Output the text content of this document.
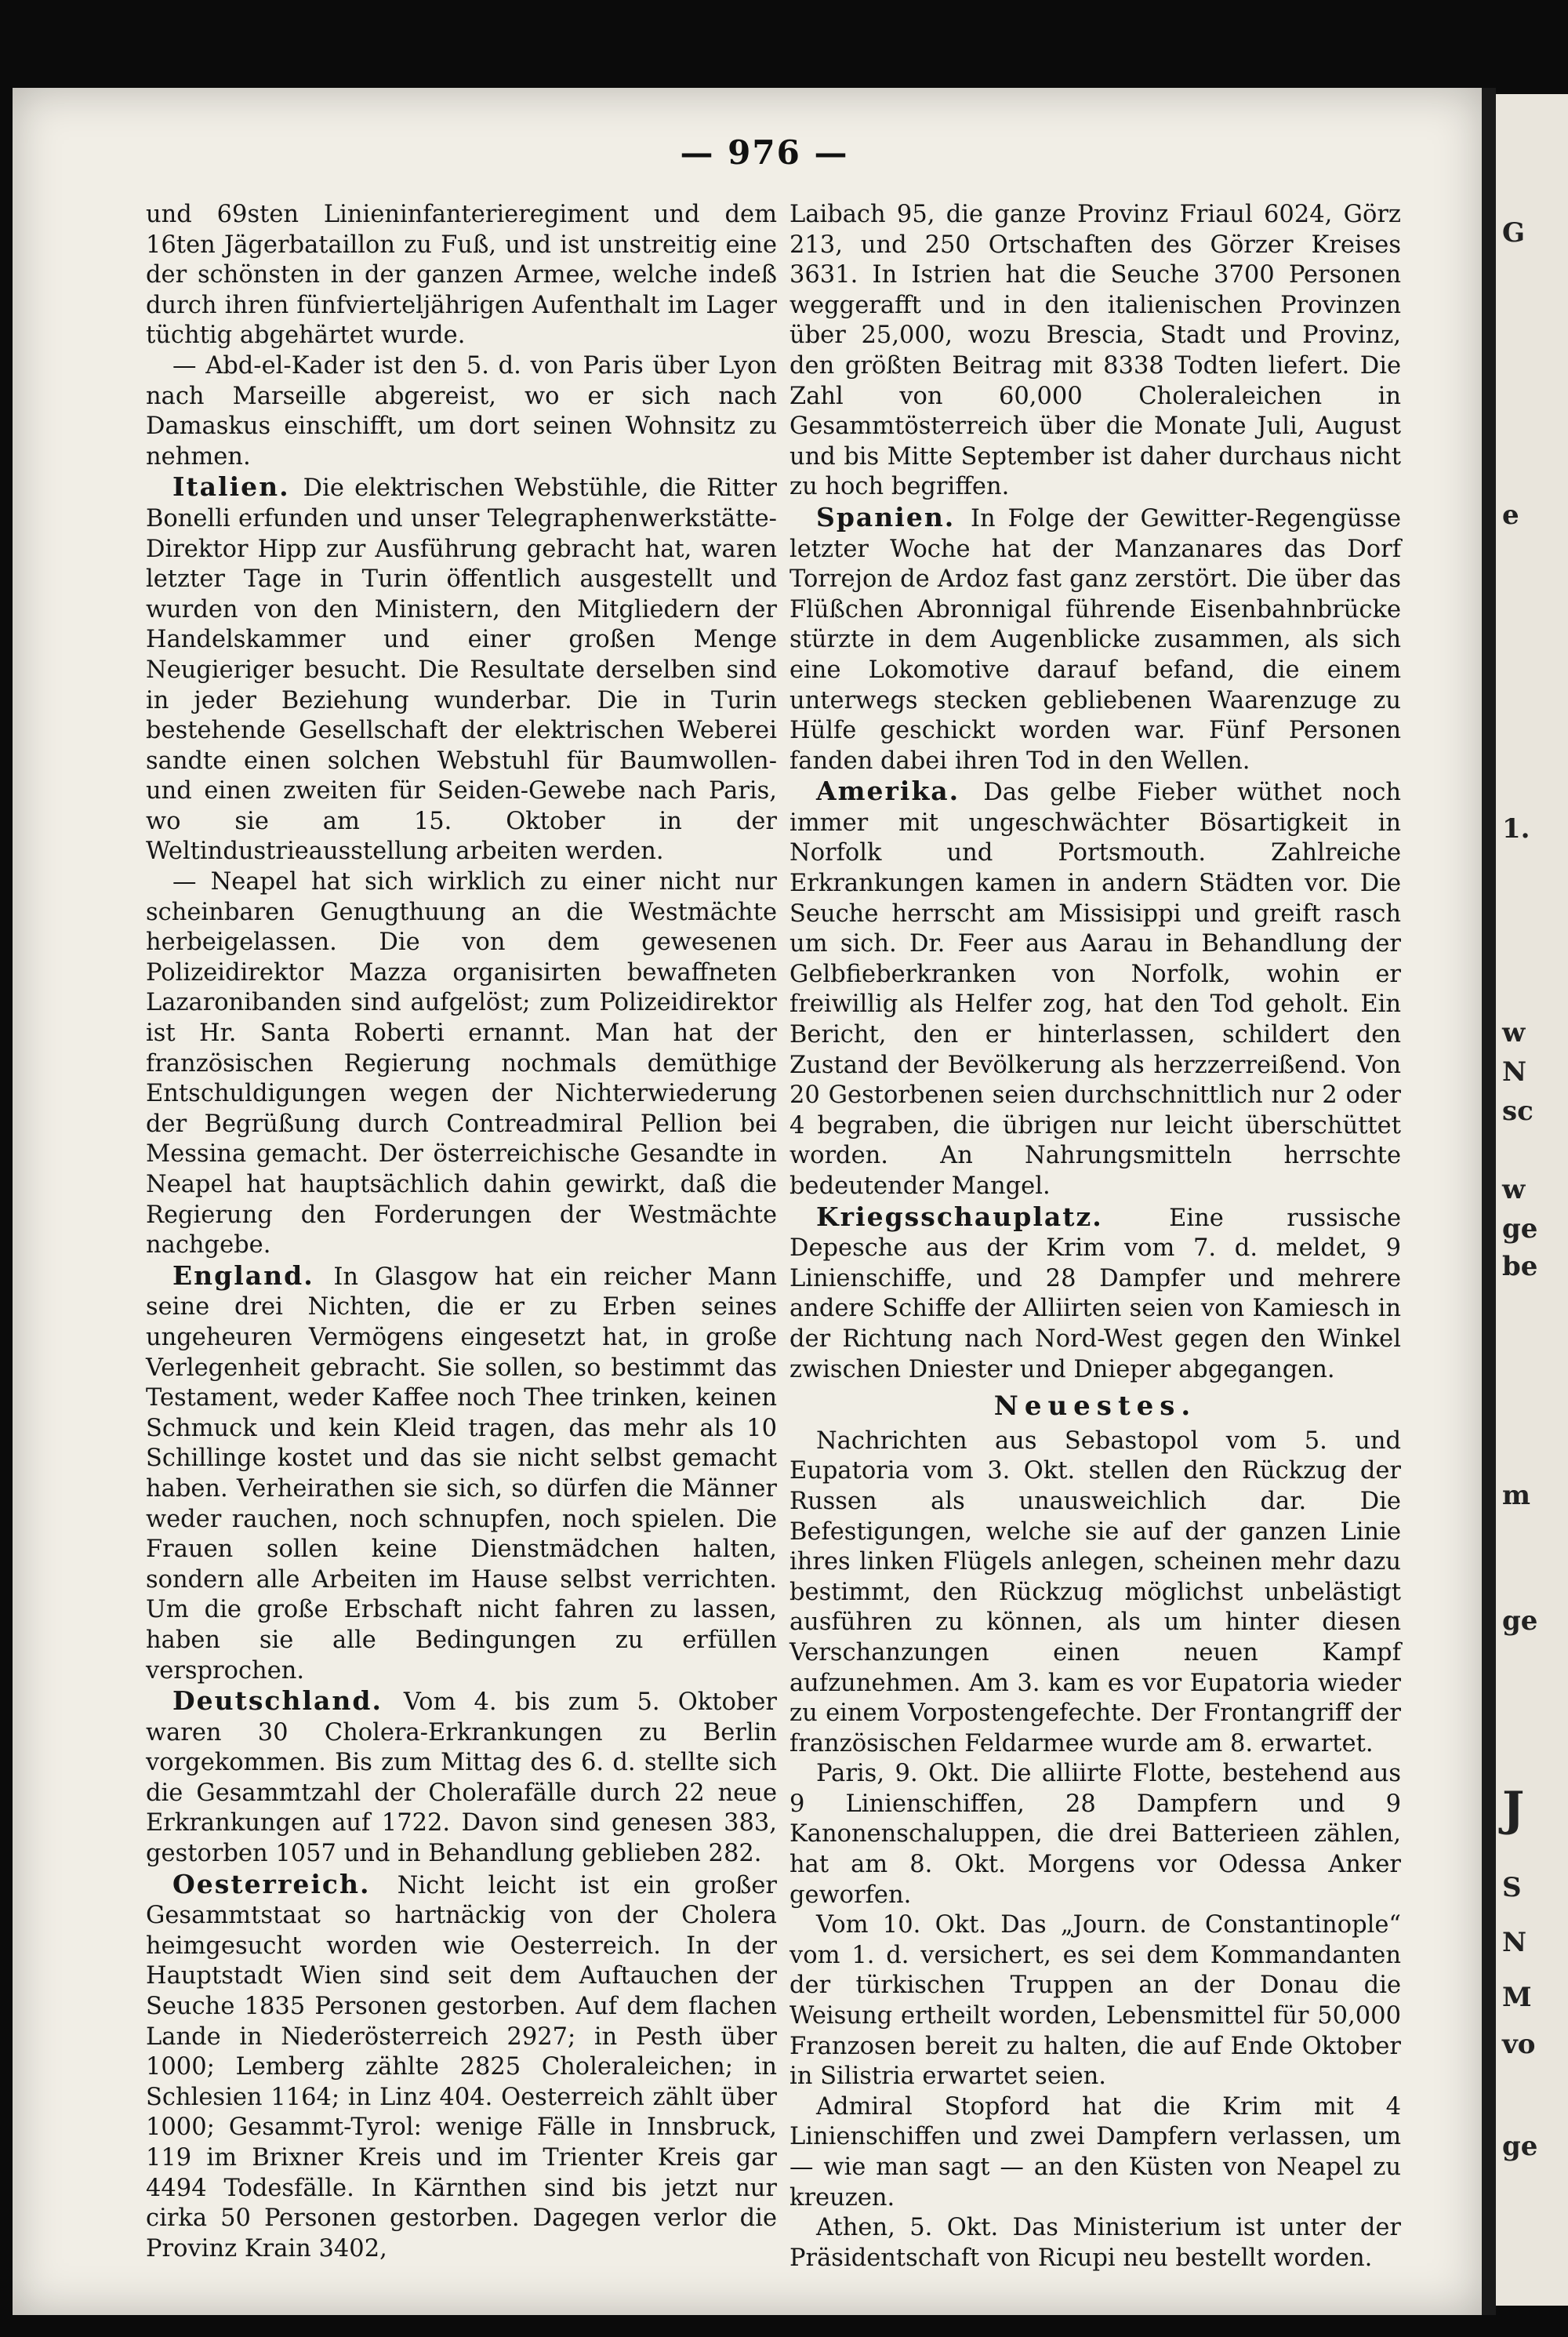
G
e
1.
w
N
sc
w
ge
be
m
ge
J
S
N
M
vo
ge
— 976 —

und 69sten Linieninfanterieregiment und dem 16ten Jägerbataillon zu Fuß, und ist unstreitig eine der schönsten in der ganzen Armee, welche indeß durch ihren fünfvierteljährigen Aufenthalt im Lager tüchtig abgehärtet wurde.

— Abd-el-Kader ist den 5. d. von Paris über Lyon nach Marseille abgereist, wo er sich nach Damaskus einschifft, um dort seinen Wohnsitz zu nehmen.

Italien. Die elektrischen Webstühle, die Ritter Bonelli erfunden und unser Telegraphenwerkstätte-Direktor Hipp zur Ausführung gebracht hat, waren letzter Tage in Turin öffentlich ausgestellt und wurden von den Ministern, den Mitgliedern der Handelskammer und einer großen Menge Neugieriger besucht. Die Resultate derselben sind in jeder Beziehung wunderbar. Die in Turin bestehende Gesellschaft der elektrischen Weberei sandte einen solchen Webstuhl für Baumwollen- und einen zweiten für Seiden-Gewebe nach Paris, wo sie am 15. Oktober in der Weltindustrieausstellung arbeiten werden.

— Neapel hat sich wirklich zu einer nicht nur scheinbaren Genugthuung an die Westmächte herbeigelassen. Die von dem gewesenen Polizeidirektor Mazza organisirten bewaffneten Lazaronibanden sind aufgelöst; zum Polizeidirektor ist Hr. Santa Roberti ernannt. Man hat der französischen Regierung nochmals demüthige Entschuldigungen wegen der Nichterwiederung der Begrüßung durch Contreadmiral Pellion bei Messina gemacht. Der österreichische Gesandte in Neapel hat hauptsächlich dahin gewirkt, daß die Regierung den Forderungen der Westmächte nachgebe.

England. In Glasgow hat ein reicher Mann seine drei Nichten, die er zu Erben seines ungeheuren Vermögens eingesetzt hat, in große Verlegenheit gebracht. Sie sollen, so bestimmt das Testament, weder Kaffee noch Thee trinken, keinen Schmuck und kein Kleid tragen, das mehr als 10 Schillinge kostet und das sie nicht selbst gemacht haben. Verheirathen sie sich, so dürfen die Männer weder rauchen, noch schnupfen, noch spielen. Die Frauen sollen keine Dienstmädchen halten, sondern alle Arbeiten im Hause selbst verrichten. Um die große Erbschaft nicht fahren zu lassen, haben sie alle Bedingungen zu erfüllen versprochen.

Deutschland. Vom 4. bis zum 5. Oktober waren 30 Cholera-Erkrankungen zu Berlin vorgekommen. Bis zum Mittag des 6. d. stellte sich die Gesammtzahl der Cholerafälle durch 22 neue Erkrankungen auf 1722. Davon sind genesen 383, gestorben 1057 und in Behandlung geblieben 282.

Oesterreich. Nicht leicht ist ein großer Gesammtstaat so hartnäckig von der Cholera heimgesucht worden wie Oesterreich. In der Hauptstadt Wien sind seit dem Auftauchen der Seuche 1835 Personen gestorben. Auf dem flachen Lande in Niederösterreich 2927; in Pesth über 1000; Lemberg zählte 2825 Choleraleichen; in Schlesien 1164; in Linz 404. Oesterreich zählt über 1000; Gesammt-Tyrol: wenige Fälle in Innsbruck, 119 im Brixner Kreis und im Trienter Kreis gar 4494 Todesfälle. In Kärnthen sind bis jetzt nur cirka 50 Personen gestorben. Dagegen verlor die Provinz Krain 3402,

Laibach 95, die ganze Provinz Friaul 6024, Görz 213, und 250 Ortschaften des Görzer Kreises 3631. In Istrien hat die Seuche 3700 Personen weggerafft und in den italienischen Provinzen über 25,000, wozu Brescia, Stadt und Provinz, den größten Beitrag mit 8338 Todten liefert. Die Zahl von 60,000 Choleraleichen in Gesammtösterreich über die Monate Juli, August und bis Mitte September ist daher durchaus nicht zu hoch begriffen.

Spanien. In Folge der Gewitter-Regengüsse letzter Woche hat der Manzanares das Dorf Torrejon de Ardoz fast ganz zerstört. Die über das Flüßchen Abronnigal führende Eisenbahnbrücke stürzte in dem Augenblicke zusammen, als sich eine Lokomotive darauf befand, die einem unterwegs stecken gebliebenen Waarenzuge zu Hülfe geschickt worden war. Fünf Personen fanden dabei ihren Tod in den Wellen.

Amerika. Das gelbe Fieber wüthet noch immer mit ungeschwächter Bösartigkeit in Norfolk und Portsmouth. Zahlreiche Erkrankungen kamen in andern Städten vor. Die Seuche herrscht am Missisippi und greift rasch um sich. Dr. Feer aus Aarau in Behandlung der Gelbfieberkranken von Norfolk, wohin er freiwillig als Helfer zog, hat den Tod geholt. Ein Bericht, den er hinterlassen, schildert den Zustand der Bevölkerung als herzzerreißend. Von 20 Gestorbenen seien durchschnittlich nur 2 oder 4 begraben, die übrigen nur leicht überschüttet worden. An Nahrungsmitteln herrschte bedeutender Mangel.

Kriegsschauplatz. Eine russische Depesche aus der Krim vom 7. d. meldet, 9 Linienschiffe, und 28 Dampfer und mehrere andere Schiffe der Alliirten seien von Kamiesch in der Richtung nach Nord-West gegen den Winkel zwischen Dniester und Dnieper abgegangen.

Neuestes.

Nachrichten aus Sebastopol vom 5. und Eupatoria vom 3. Okt. stellen den Rückzug der Russen als unausweichlich dar. Die Befestigungen, welche sie auf der ganzen Linie ihres linken Flügels anlegen, scheinen mehr dazu bestimmt, den Rückzug möglichst unbelästigt ausführen zu können, als um hinter diesen Verschanzungen einen neuen Kampf aufzunehmen. Am 3. kam es vor Eupatoria wieder zu einem Vorpostengefechte. Der Frontangriff der französischen Feldarmee wurde am 8. erwartet.

Paris, 9. Okt. Die alliirte Flotte, bestehend aus 9 Linienschiffen, 28 Dampfern und 9 Kanonenschaluppen, die drei Batterieen zählen, hat am 8. Okt. Morgens vor Odessa Anker geworfen.

Vom 10. Okt. Das „Journ. de Constantinople“ vom 1. d. versichert, es sei dem Kommandanten der türkischen Truppen an der Donau die Weisung ertheilt worden, Lebensmittel für 50,000 Franzosen bereit zu halten, die auf Ende Oktober in Silistria erwartet seien.

Admiral Stopford hat die Krim mit 4 Linienschiffen und zwei Dampfern verlassen, um — wie man sagt — an den Küsten von Neapel zu kreuzen.

Athen, 5. Okt. Das Ministerium ist unter der Präsidentschaft von Ricupi neu bestellt worden.
